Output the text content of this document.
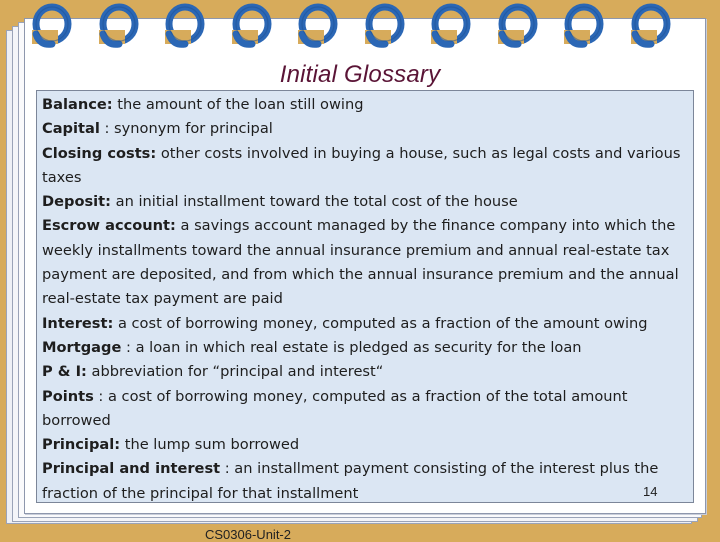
Initial Glossary

Balance: the amount of the loan still owing

Capital : synonym for principal

Closing costs: other costs involved in buying a house, such as legal costs and various taxes

Deposit: an initial installment toward the total cost of the house

Escrow account: a savings account managed by the finance company into which the weekly installments toward the annual insurance premium and annual real-estate tax payment are deposited, and from which the annual insurance premium and the annual real-estate tax payment are paid

Interest: a cost of borrowing money, computed as a fraction of the amount owing

Mortgage : a loan in which real estate is pledged as security for the loan

P & I: abbreviation for “principal and interest“

Points : a cost of borrowing money, computed as a fraction of the total amount borrowed

Principal: the lump sum borrowed

Principal and interest : an installment payment consisting of the interest plus the fraction of the principal for that installment	14
CS0306-Unit-2
